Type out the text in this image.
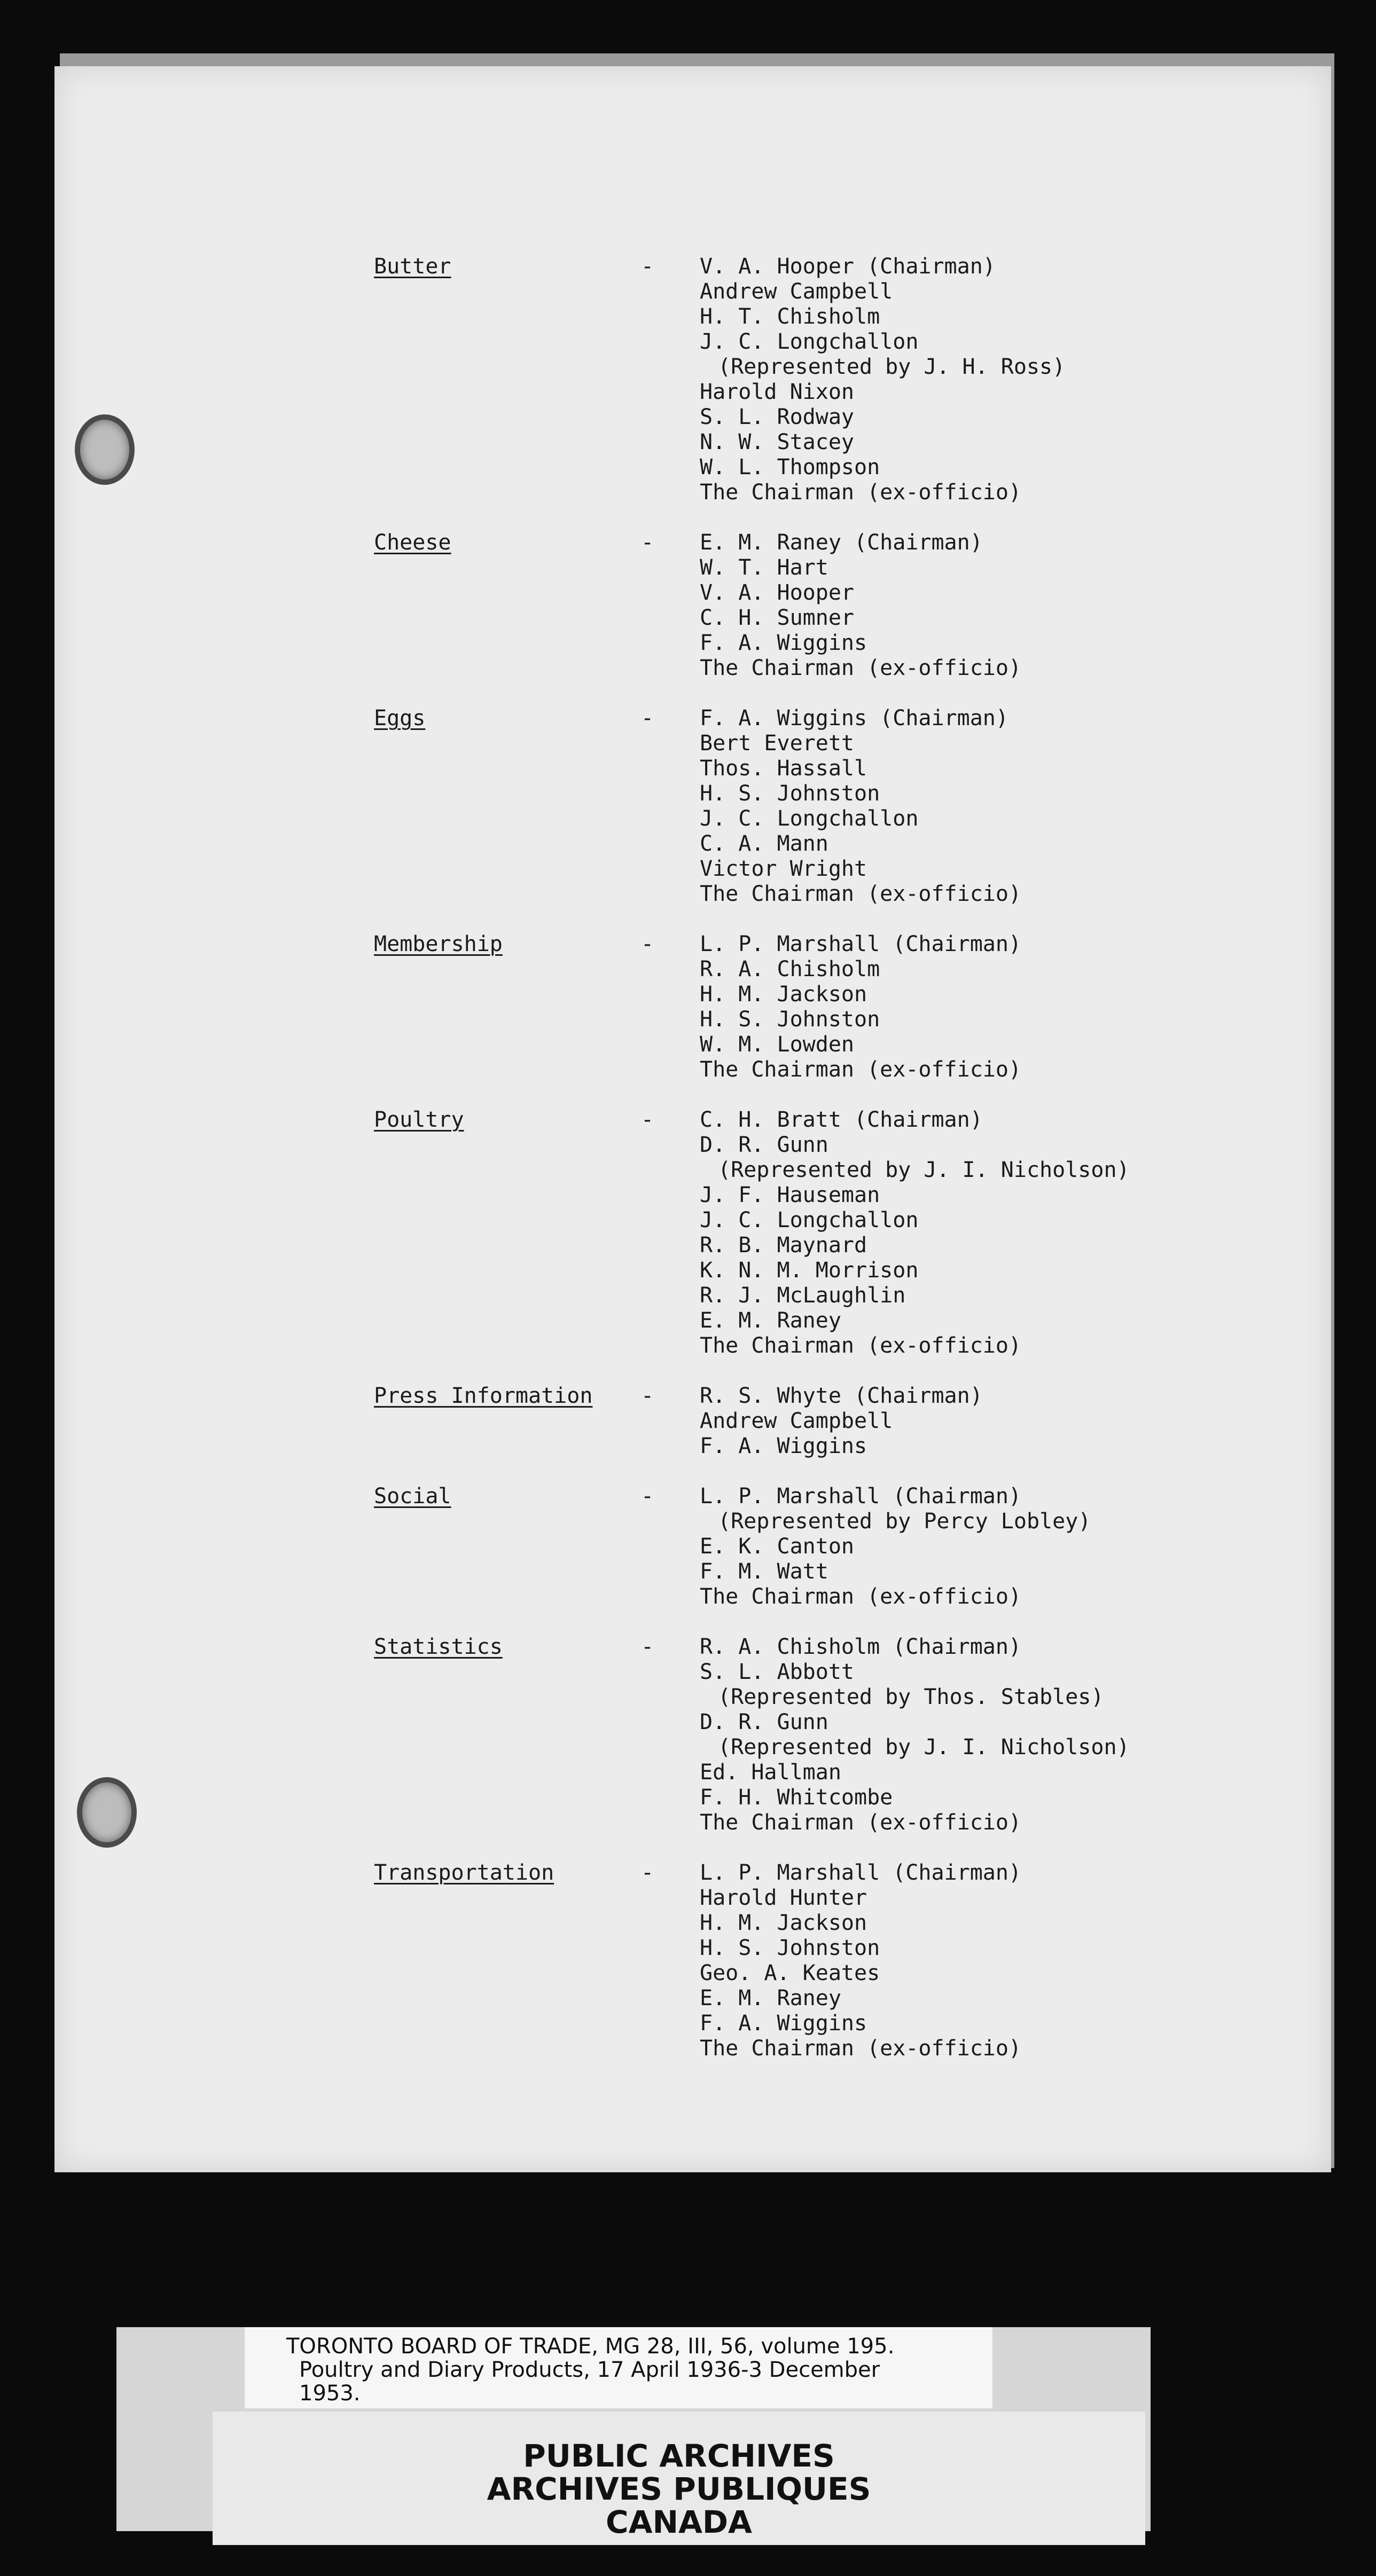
Butter	-	V. A. Hooper (Chairman)
Andrew Campbell
H. T. Chisholm
J. C. Longchallon
(Represented by J. H. Ross)
Harold Nixon
S. L. Rodway
N. W. Stacey
W. L. Thompson
The Chairman (ex-officio)
Cheese	-	E. M. Raney (Chairman)
W. T. Hart
V. A. Hooper
C. H. Sumner
F. A. Wiggins
The Chairman (ex-officio)
Eggs	-	F. A. Wiggins (Chairman)
Bert Everett
Thos. Hassall
H. S. Johnston
J. C. Longchallon
C. A. Mann
Victor Wright
The Chairman (ex-officio)
Membership	-	L. P. Marshall (Chairman)
R. A. Chisholm
H. M. Jackson
H. S. Johnston
W. M. Lowden
The Chairman (ex-officio)
Poultry	-	C. H. Bratt (Chairman)
D. R. Gunn
(Represented by J. I. Nicholson)
J. F. Hauseman
J. C. Longchallon
R. B. Maynard
K. N. M. Morrison
R. J. McLaughlin
E. M. Raney
The Chairman (ex-officio)
Press Information	-	R. S. Whyte (Chairman)
Andrew Campbell
F. A. Wiggins
Social	-	L. P. Marshall (Chairman)
(Represented by Percy Lobley)
E. K. Canton
F. M. Watt
The Chairman (ex-officio)
Statistics	-	R. A. Chisholm (Chairman)
S. L. Abbott
(Represented by Thos. Stables)
D. R. Gunn
(Represented by J. I. Nicholson)
Ed. Hallman
F. H. Whitcombe
The Chairman (ex-officio)
Transportation	-	L. P. Marshall (Chairman)
Harold Hunter
H. M. Jackson
H. S. Johnston
Geo. A. Keates
E. M. Raney
F. A. Wiggins
The Chairman (ex-officio)
TORONTO BOARD OF TRADE, MG 28, III, 56, volume 195.
Poultry and Diary Products, 17 April 1936-3 December
1953.
PUBLIC ARCHIVES
ARCHIVES PUBLIQUES
CANADA
